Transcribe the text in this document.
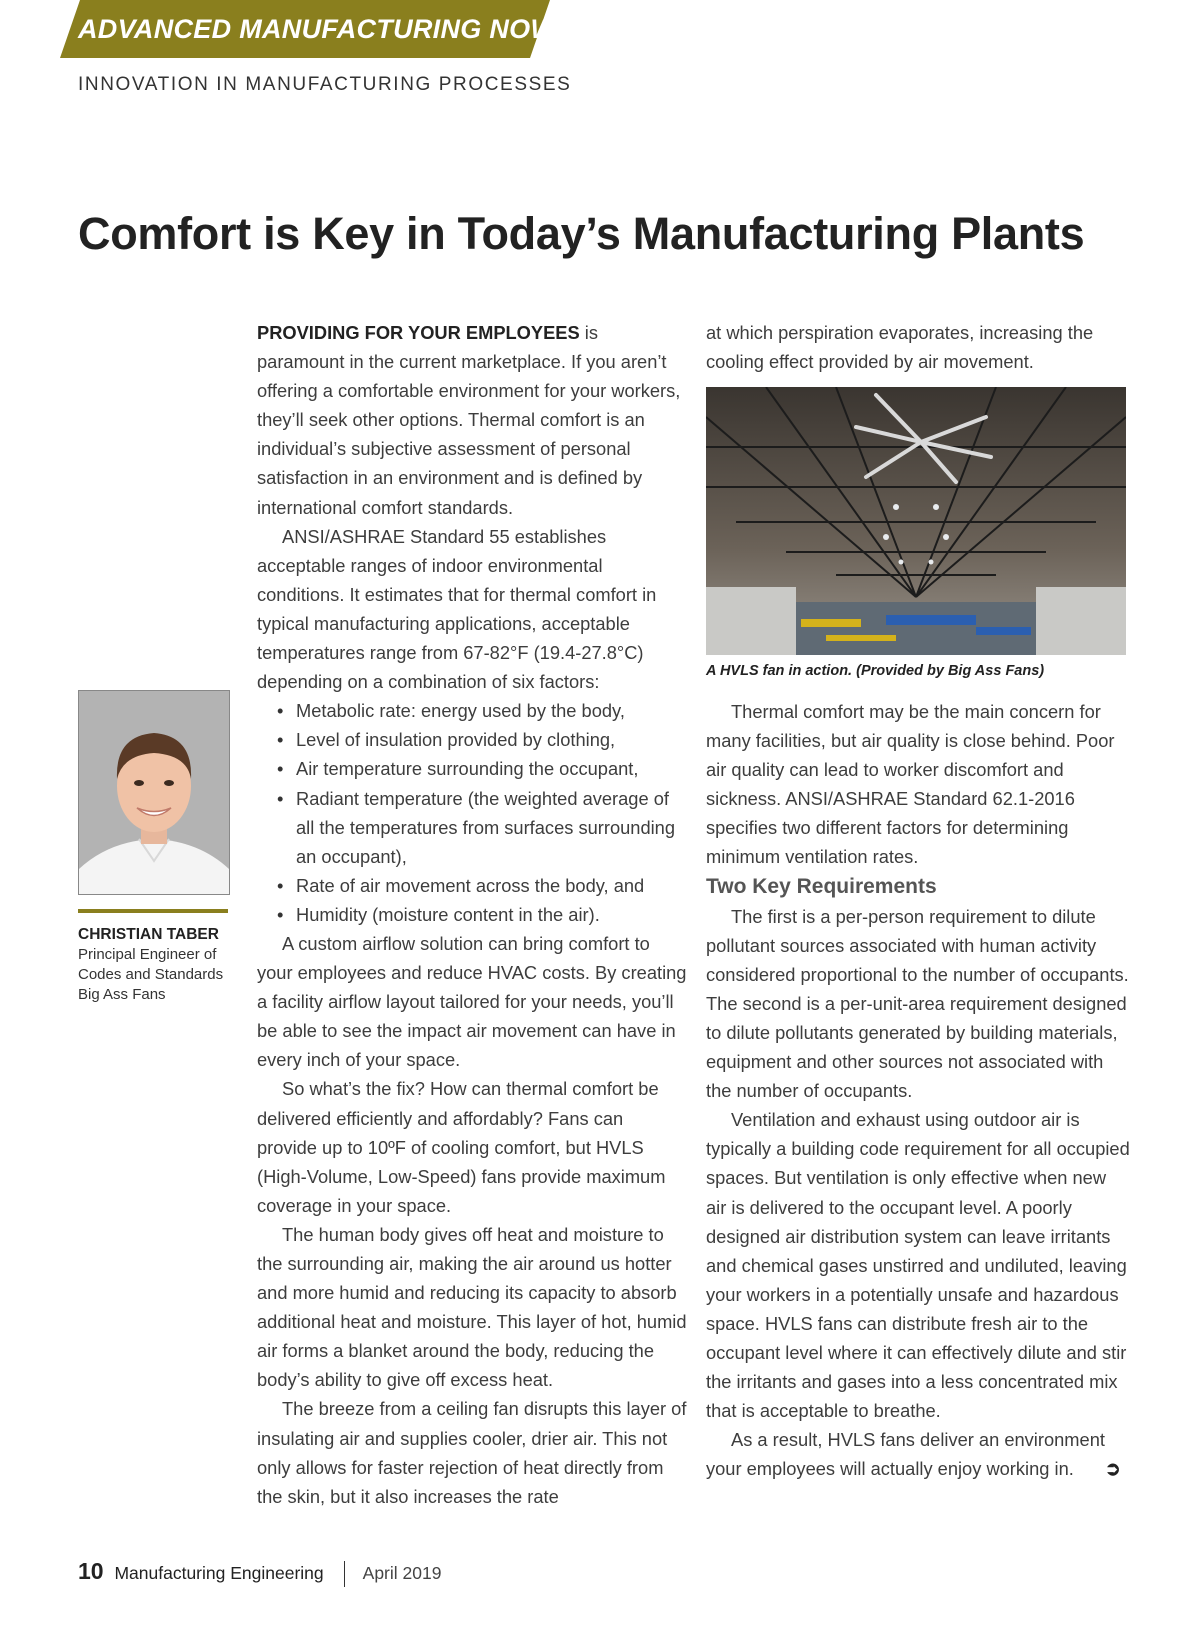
ADVANCED MANUFACTURING NOW
INNOVATION IN MANUFACTURING PROCESSES
Comfort is Key in Today’s Manufacturing Plants
CHRISTIAN TABER
Principal Engineer of
Codes and Standards
Big Ass Fans

PROVIDING FOR YOUR EMPLOYEES is paramount in the current marketplace. If you aren’t offering a comfortable environment for your workers, they’ll seek other options. Thermal comfort is an individual’s subjective assessment of personal satisfaction in an environment and is defined by international comfort standards.

ANSI/ASHRAE Standard 55 establishes acceptable ranges of indoor environmental conditions. It estimates that for thermal comfort in typical manufacturing applications, acceptable temperatures range from 67-82°F (19.4-27.8°C) depending on a combination of six factors:

• Metabolic rate: energy used by the body,
• Level of insulation provided by clothing,
• Air temperature surrounding the occupant,
• Radiant temperature (the weighted average of all the temperatures from surfaces surrounding an occupant),
• Rate of air movement across the body, and
• Humidity (moisture content in the air).

A custom airflow solution can bring comfort to your employees and reduce HVAC costs. By creating a facility airflow layout tailored for your needs, you’ll be able to see the impact air movement can have in every inch of your space.

So what’s the fix? How can thermal comfort be delivered efficiently and affordably? Fans can provide up to 10ºF of cooling comfort, but HVLS (High-Volume, Low-Speed) fans provide maximum coverage in your space.

The human body gives off heat and moisture to the surrounding air, making the air around us hotter and more humid and reducing its capacity to absorb additional heat and moisture. This layer of hot, humid air forms a blanket around the body, reducing the body’s ability to give off excess heat.

The breeze from a ceiling fan disrupts this layer of insulating air and supplies cooler, drier air. This not only allows for faster rejection of heat directly from the skin, but it also increases the rate

at which perspiration evaporates, increasing the cooling effect provided by air movement.

A HVLS fan in action. (Provided by Big Ass Fans)

Thermal comfort may be the main concern for many facilities, but air quality is close behind. Poor air quality can lead to worker discomfort and sickness. ANSI/ASHRAE Standard 62.1-2016 specifies two different factors for determining minimum ventilation rates.

Two Key Requirements

The first is a per-person requirement to dilute pollutant sources associated with human activity considered proportional to the number of occupants. The second is a per-unit-area requirement designed to dilute pollutants generated by building materials, equipment and other sources not associated with the number of occupants.

Ventilation and exhaust using outdoor air is typically a building code requirement for all occupied spaces. But ventilation is only effective when new air is delivered to the occupant level. A poorly designed air distribution system can leave irritants and chemical gases unstirred and undiluted, leaving your workers in a potentially unsafe and hazardous space. HVLS fans can distribute fresh air to the occupant level where it can effectively dilute and stir the irritants and gases into a less concentrated mix that is acceptable to breathe.

As a result, HVLS fans deliver an environment your employees will actually enjoy working in. ➲

10 Manufacturing Engineering April 2019
